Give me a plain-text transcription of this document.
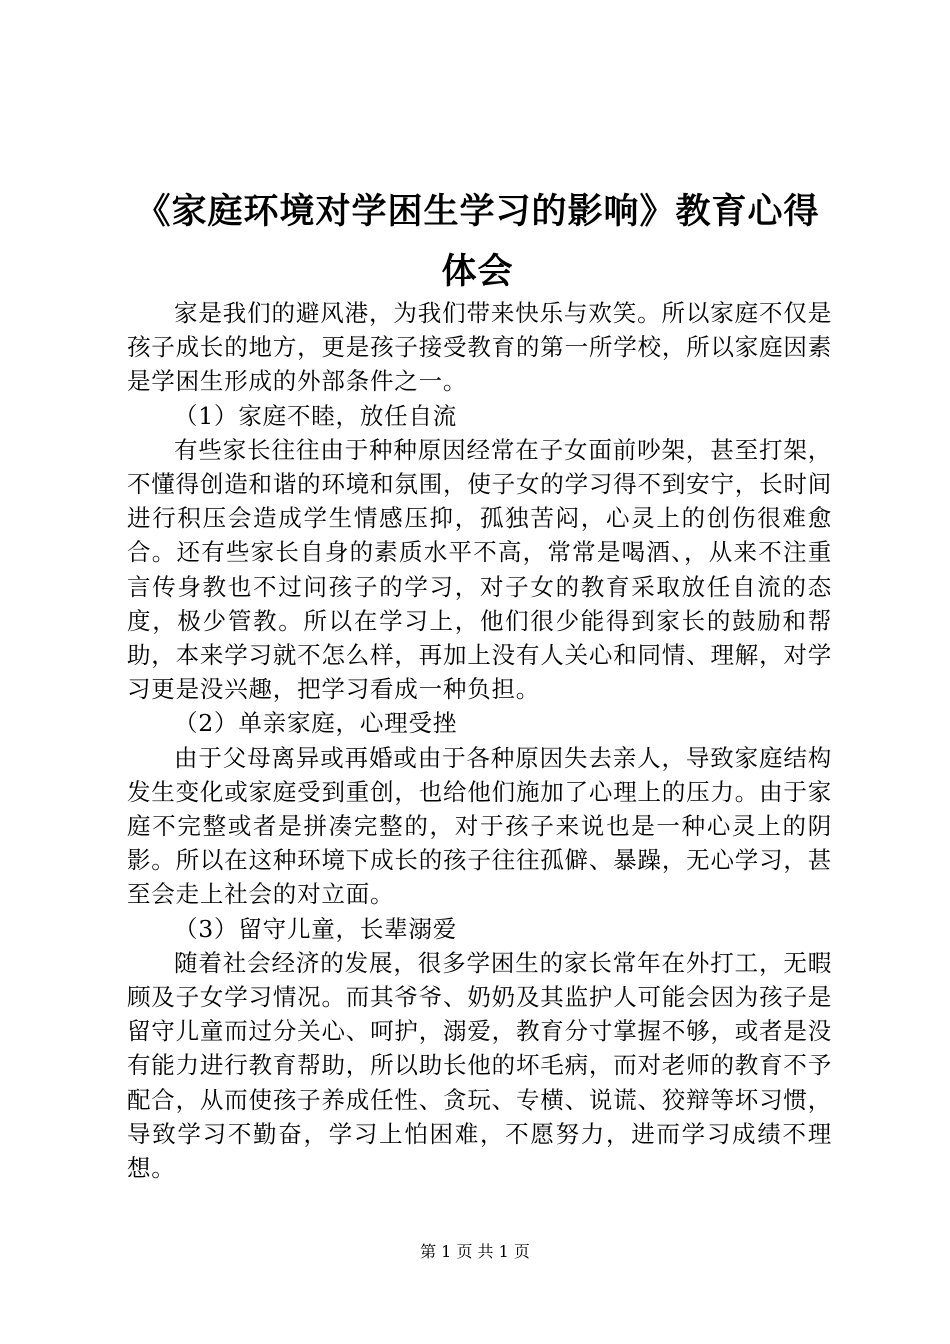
《家庭环境对学困生学习的影响》教育心得体会

家是我们的避风港，为我们带来快乐与欢笑。所以家庭不仅是孩子成长的地方，更是孩子接受教育的第一所学校，所以家庭因素是学困生形成的外部条件之一。

（1）家庭不睦，放任自流

有些家长往往由于种种原因经常在子女面前吵架，甚至打架，不懂得创造和谐的环境和氛围，使子女的学习得不到安宁，长时间进行积压会造成学生情感压抑，孤独苦闷，心灵上的创伤很难愈合。还有些家长自身的素质水平不高，常常是喝酒、，从来不注重言传身教也不过问孩子的学习，对子女的教育采取放任自流的态度，极少管教。所以在学习上，他们很少能得到家长的鼓励和帮助，本来学习就不怎么样，再加上没有人关心和同情、理解，对学习更是没兴趣，把学习看成一种负担。

（2）单亲家庭，心理受挫

由于父母离异或再婚或由于各种原因失去亲人，导致家庭结构发生变化或家庭受到重创，也给他们施加了心理上的压力。由于家庭不完整或者是拼凑完整的，对于孩子来说也是一种心灵上的阴影。所以在这种环境下成长的孩子往往孤僻、暴躁，无心学习，甚至会走上社会的对立面。

（3）留守儿童，长辈溺爱

随着社会经济的发展，很多学困生的家长常年在外打工，无暇顾及子女学习情况。而其爷爷、奶奶及其监护人可能会因为孩子是留守儿童而过分关心、呵护，溺爱，教育分寸掌握不够，或者是没有能力进行教育帮助，所以助长他的坏毛病，而对老师的教育不予配合，从而使孩子养成任性、贪玩、专横、说谎、狡辩等坏习惯，导致学习不勤奋，学习上怕困难，不愿努力，进而学习成绩不理想。

第 1 页 共 1 页
